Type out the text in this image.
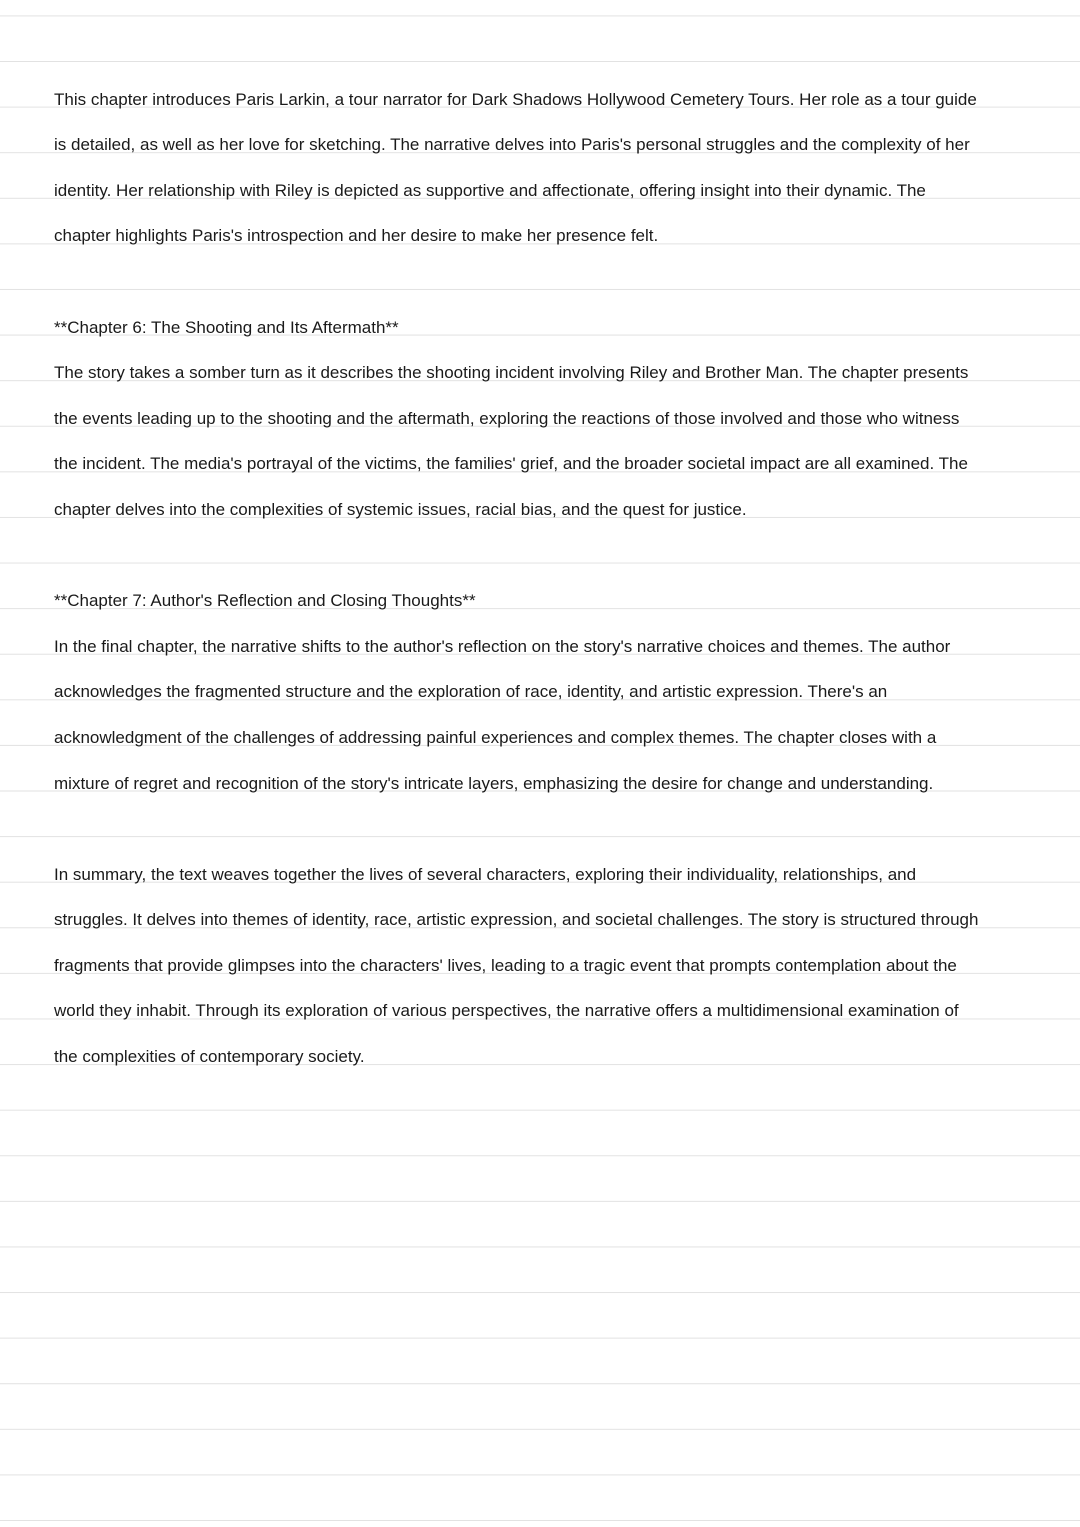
This chapter introduces Paris Larkin, a tour narrator for Dark Shadows Hollywood Cemetery Tours. Her role as a tour guide
is detailed, as well as her love for sketching. The narrative delves into Paris's personal struggles and the complexity of her
identity. Her relationship with Riley is depicted as supportive and affectionate, offering insight into their dynamic. The
chapter highlights Paris's introspection and her desire to make her presence felt.
**Chapter 6: The Shooting and Its Aftermath**
The story takes a somber turn as it describes the shooting incident involving Riley and Brother Man. The chapter presents
the events leading up to the shooting and the aftermath, exploring the reactions of those involved and those who witness
the incident. The media's portrayal of the victims, the families' grief, and the broader societal impact are all examined. The
chapter delves into the complexities of systemic issues, racial bias, and the quest for justice.
**Chapter 7: Author's Reflection and Closing Thoughts**
In the final chapter, the narrative shifts to the author's reflection on the story's narrative choices and themes. The author
acknowledges the fragmented structure and the exploration of race, identity, and artistic expression. There's an
acknowledgment of the challenges of addressing painful experiences and complex themes. The chapter closes with a
mixture of regret and recognition of the story's intricate layers, emphasizing the desire for change and understanding.
In summary, the text weaves together the lives of several characters, exploring their individuality, relationships, and
struggles. It delves into themes of identity, race, artistic expression, and societal challenges. The story is structured through
fragments that provide glimpses into the characters' lives, leading to a tragic event that prompts contemplation about the
world they inhabit. Through its exploration of various perspectives, the narrative offers a multidimensional examination of
the complexities of contemporary society.
